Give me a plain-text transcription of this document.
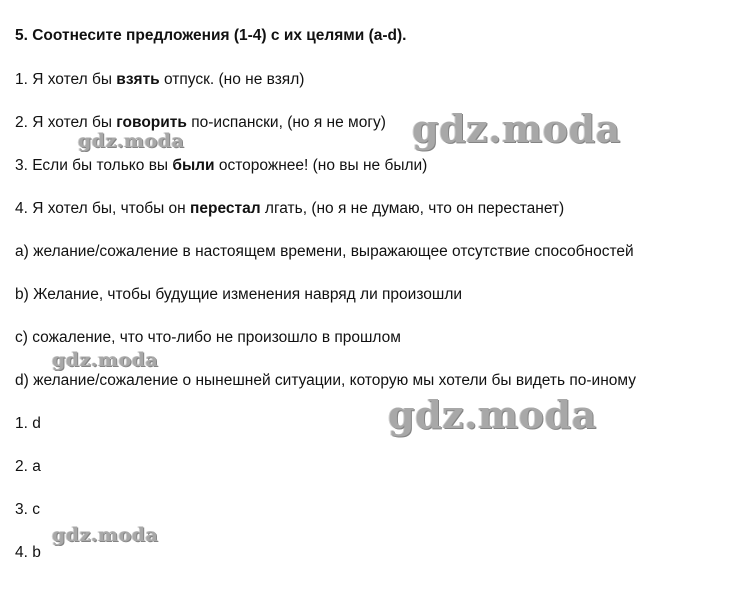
5. Соотнесите предложения (1-4) с их целями (a-d).
1. Я хотел бы взять отпуск. (но не взял)
2. Я хотел бы говорить по-испански, (но я не могу)
3. Если бы только вы были осторожнее! (но вы не были)
4. Я хотел бы, чтобы он перестал лгать, (но я не думаю, что он перестанет)
a) желание/сожаление в настоящем времени, выражающее отсутствие способностей
b) Желание, чтобы будущие изменения навряд ли произошли
c) сожаление, что что-либо не произошло в прошлом
d) желание/сожаление о нынешней ситуации, которую мы хотели бы видеть по-иному
1. d
2. a
3. c
4. b
gdz.moda
gdz.moda
gdz.moda
gdz.moda
gdz.moda
